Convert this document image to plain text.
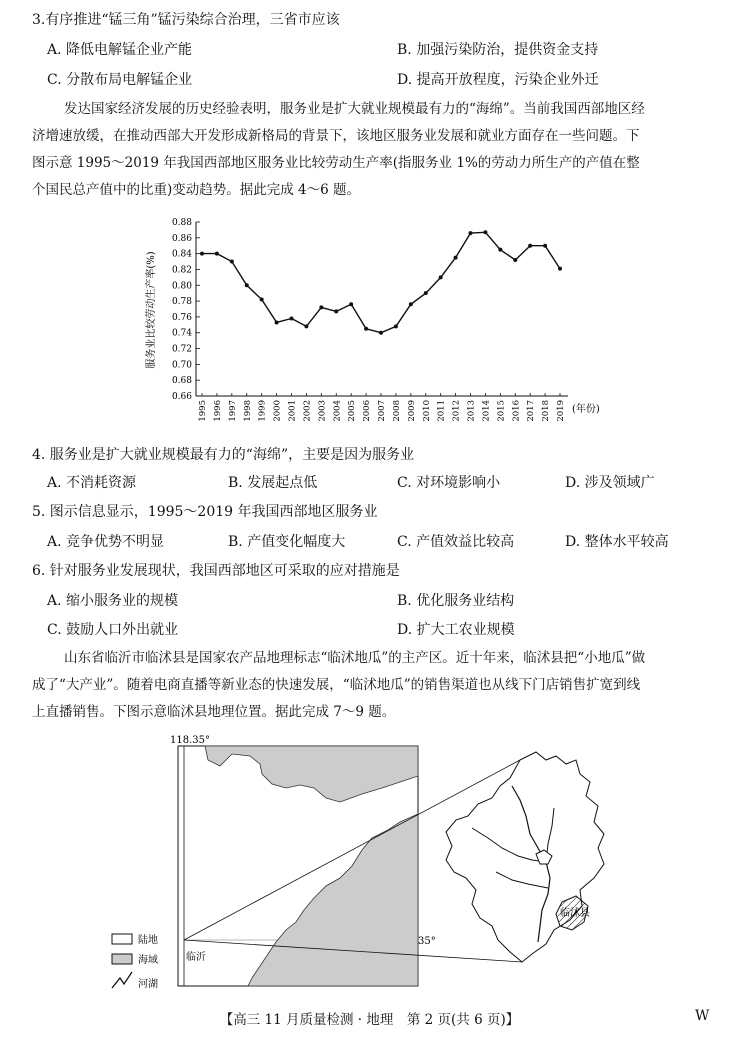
3.有序推进“锰三角”锰污染综合治理，三省市应该
A. 降低电解锰企业产能	B. 加强污染防治，提供资金支持
C. 分散布局电解锰企业	D. 提高开放程度，污染企业外迁
发达国家经济发展的历史经验表明，服务业是扩大就业规模最有力的“海绵”。当前我国西部地区经
济增速放缓，在推动西部大开发形成新格局的背景下，该地区服务业发展和就业方面存在一些问题。下
图示意 1995～2019 年我国西部地区服务业比较劳动生产率(指服务业 1%的劳动力所生产的产值在整
个国民总产值中的比重)变动趋势。据此完成 4～6 题。
0.88
0.86
0.84
0.82
0.80
0.78
0.76
0.74
0.72
0.70
0.68
0.66
1995 1996 1997 1998 1999 2000 2001 2002 2003 2004 2005 2006 2007 2008 2009 2010 2011 2012 2013 2014 2015 2016 2017 2018 2019
服务业比较劳动生产率(%)
(年份)
4. 服务业是扩大就业规模最有力的“海绵”，主要是因为服务业
A. 不消耗资源	B. 发展起点低	C. 对环境影响小	D. 涉及领域广
5. 图示信息显示，1995～2019 年我国西部地区服务业
A. 竞争优势不明显	B. 产值变化幅度大	C. 产值效益比较高	D. 整体水平较高
6. 针对服务业发展现状，我国西部地区可采取的应对措施是
A. 缩小服务业的规模	B. 优化服务业结构
C. 鼓励人口外出就业	D. 扩大工农业规模
山东省临沂市临沭县是国家农产品地理标志“临沭地瓜”的主产区。近十年来，临沭县把“小地瓜”做
成了“大产业”。随着电商直播等新业态的快速发展，“临沭地瓜”的销售渠道也从线下门店销售扩宽到线
上直播销售。下图示意临沭县地理位置。据此完成 7～9 题。
118.35°
35°
临沂
临沭县
陆地
海域
河湖
【高三 11 月质量检测 · 地理　第 2 页(共 6 页)】	W
